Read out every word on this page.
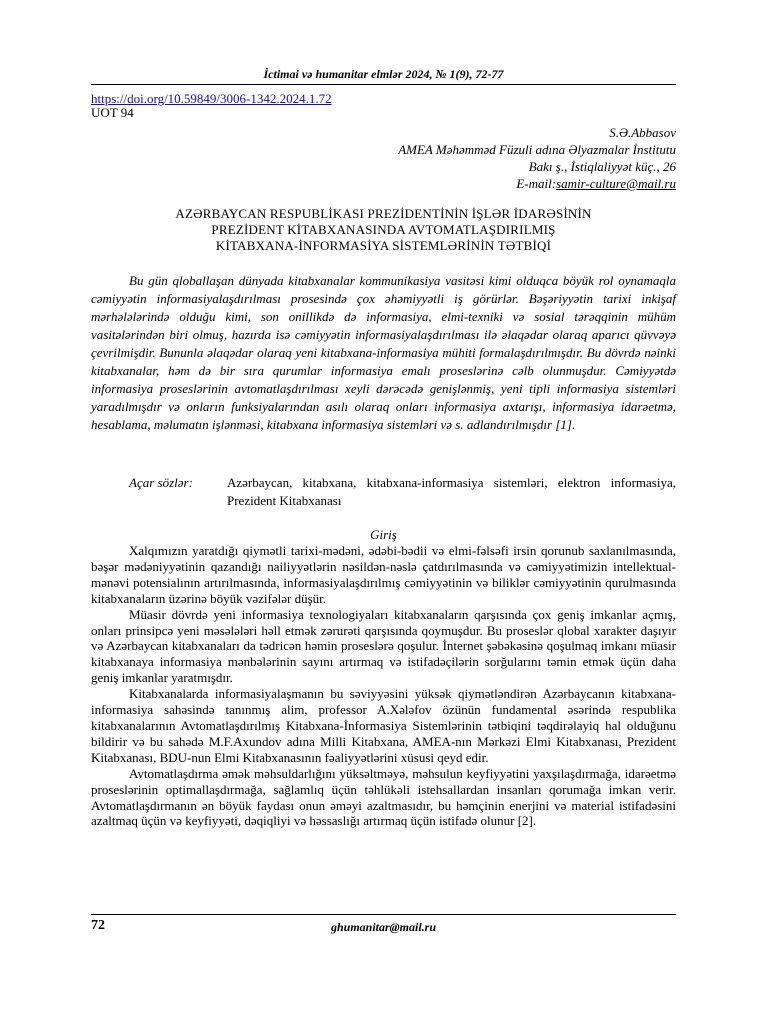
İctimai və humanitar elmlər 2024, № 1(9), 72-77
https://doi.org/10.59849/3006-1342.2024.1.72
UOT 94
S.Ə.Abbasov
AMEA Məhəmməd Füzuli adına Əlyazmalar İnstitutu
Bakı ş., İstiqlaliyyət küç., 26
E-mail:samir-culture@mail.ru
AZƏRBAYCAN RESPUBLİKASI PREZİDENTİNİN İŞLƏR İDARƏSİNİN
PREZİDENT KİTABXANASINDA AVTOMATLAŞDIRILMIŞ
KİTABXANA-İNFORMASİYA SİSTEMLƏRİNİN TƏTBİQİ

Bu gün qloballaşan dünyada kitabxanalar kommunikasiya vasitəsi kimi olduqca böyük rol oynamaqla cəmiyyətin informasiyalaşdırılması prosesində çox əhəmiyyətli iş görürlər. Bəşəriyyətin tarixi inkişaf mərhələlərində olduğu kimi, son onillikdə də informasiya, elmi-texniki və sosial tərəqqinin mühüm vasitələrindən biri olmuş, hazırda isə cəmiyyətin informasiyalaşdırılması ilə əlaqədar olaraq aparıcı qüvvəyə çevrilmişdir. Bununla əlaqədar olaraq yeni kitabxana-informasiya mühiti formalaşdırılmışdır. Bu dövrdə nəinki kitabxanalar, həm də bir sıra qurumlar informasiya emalı proseslərinə cəlb olunmuşdur. Cəmiyyətdə informasiya proseslərinin avtomatlaşdırılması xeyli dərəcədə genişlənmiş, yeni tipli informasiya sistemləri yaradılmışdır və onların funksiyalarından asılı olaraq onları informasiya axtarışı, informasiya idarəetmə, hesablama, məlumatın işlənməsi, kitabxana informasiya sistemləri və s. adlandırılmışdır [1].

Açar sözlər:	Azərbaycan, kitabxana, kitabxana-informasiya sistemləri, elektron informasiya, Prezident Kitabxanası
Giriş

Xalqımızın yaratdığı qiymətli tarixi-mədəni, ədəbi-bədii və elmi-fəlsəfi irsin qorunub saxlanılmasında, bəşər mədəniyyətinin qazandığı nailiyyətlərin nəsildən-nəslə çatdırılmasında və cəmiyyətimizin intellektual-mənəvi potensialının artırılmasında, informasiyalaşdırılmış cəmiyyətinin və biliklər cəmiyyətinin qurulmasında kitabxanaların üzərinə böyük vəzifələr düşür.

Müasir dövrdə yeni informasiya texnologiyaları kitabxanaların qarşısında çox geniş imkanlar açmış, onları prinsipcə yeni məsələləri həll etmək zərurəti qarşısında qoymuşdur. Bu proseslər qlobal xarakter daşıyır və Azərbaycan kitabxanaları da tədricən həmin proseslərə qoşulur. İnternet şəbəkəsinə qoşulmaq imkanı müasir kitabxanaya informasiya mənbələrinin sayını artırmaq və istifadəçilərin sorğularını təmin etmək üçün daha geniş imkanlar yaratmışdır.

Kitabxanalarda informasiyalaşmanın bu səviyyəsini yüksək qiymətləndirən Azərbaycanın kitabxana-informasiya sahəsində tanınmış alim, professor A.Xələfov özünün fundamental əsərində respublika kitabxanalarının Avtomatlaşdırılmış Kitabxana-İnformasiya Sistemlərinin tətbiqini təqdirəlayiq hal olduğunu bildirir və bu sahədə M.F.Axundov adına Milli Kitabxana, AMEA-nın Mərkəzi Elmi Kitabxanası, Prezident Kitabxanası, BDU-nun Elmi Kitabxanasının fəaliyyətlərini xüsusi qeyd edir.

Avtomatlaşdırma əmək məhsuldarlığını yüksəltməyə, məhsulun keyfiyyətini yaxşılaşdırmağa, idarəetmə proseslərinin optimallaşdırmağa, sağlamlıq üçün təhlükəli istehsallardan insanları qorumağa imkan verir. Avtomatlaşdırmanın ən böyük faydası onun əməyi azaltmasıdır, bu həmçinin enerjini və material istifadəsini azaltmaq üçün və keyfiyyəti, dəqiqliyi və həssaslığı artırmaq üçün istifadə olunur [2].

72	ghumanitar@mail.ru
